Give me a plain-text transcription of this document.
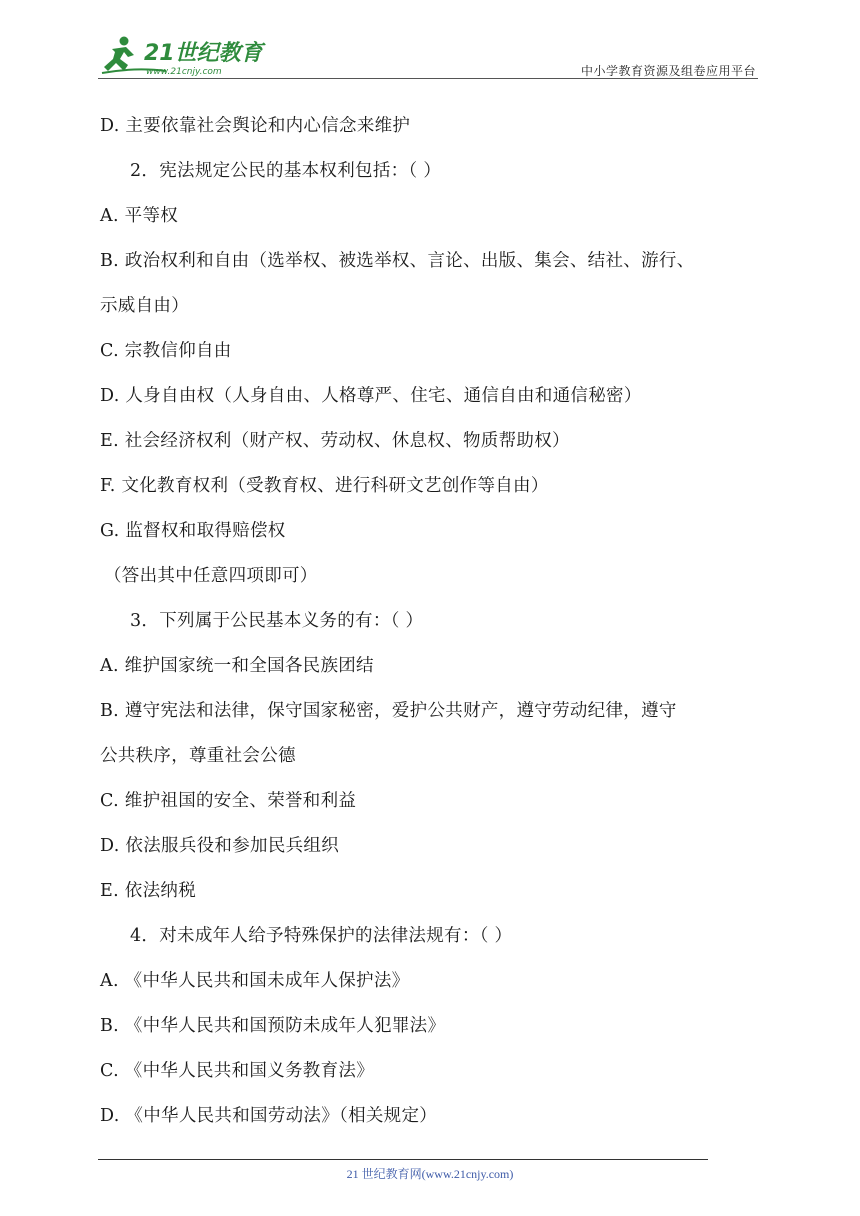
21世纪教育
www.21cnjy.com	中小学教育资源及组卷应用平台
D. 主要依靠社会舆论和内心信念来维护
2．宪法规定公民的基本权利包括：（ ）
A. 平等权
B. 政治权利和自由（选举权、被选举权、言论、出版、集会、结社、游行、
示威自由）
C. 宗教信仰自由
D. 人身自由权（人身自由、人格尊严、住宅、通信自由和通信秘密）
E. 社会经济权利（财产权、劳动权、休息权、物质帮助权）
F. 文化教育权利（受教育权、进行科研文艺创作等自由）
G. 监督权和取得赔偿权
（答出其中任意四项即可）
3．下列属于公民基本义务的有：（ ）
A. 维护国家统一和全国各民族团结
B. 遵守宪法和法律，保守国家秘密，爱护公共财产，遵守劳动纪律，遵守
公共秩序，尊重社会公德
C. 维护祖国的安全、荣誉和利益
D. 依法服兵役和参加民兵组织
E. 依法纳税
4．对未成年人给予特殊保护的法律法规有：（ ）
A. 《中华人民共和国未成年人保护法》
B. 《中华人民共和国预防未成年人犯罪法》
C. 《中华人民共和国义务教育法》
D. 《中华人民共和国劳动法》（相关规定）
21 世纪教育网(www.21cnjy.com)
